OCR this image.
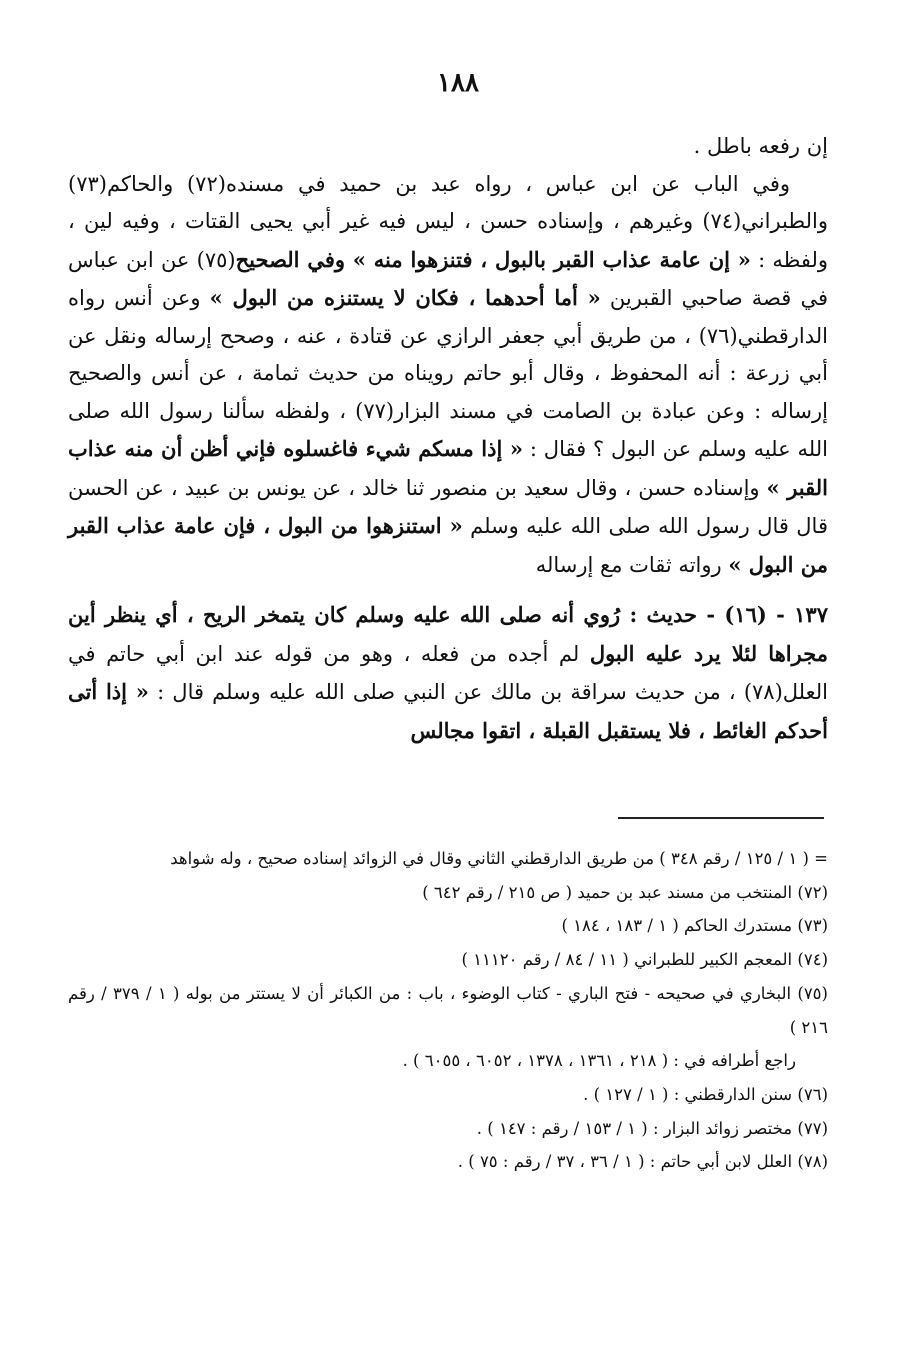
١٨٨

إن رفعه باطل .

وفي الباب عن ابن عباس ، رواه عبد بن حميد في مسنده(٧٢) والحاكم(٧٣) والطبراني(٧٤) وغيرهم ، وإسناده حسن ، ليس فيه غير أبي يحيى القتات ، وفيه لين ، ولفظه : « إن عامة عذاب القبر بالبول ، فتنزهوا منه » وفي الصحيح(٧٥) عن ابن عباس في قصة صاحبي القبرين « أما أحدهما ، فكان لا يستنزه من البول » وعن أنس رواه الدارقطني(٧٦) ، من طريق أبي جعفر الرازي عن قتادة ، عنه ، وصحح إرساله ونقل عن أبي زرعة : أنه المحفوظ ، وقال أبو حاتم رويناه من حديث ثمامة ، عن أنس والصحيح إرساله : وعن عبادة بن الصامت في مسند البزار(٧٧) ، ولفظه سألنا رسول الله صلى الله عليه وسلم عن البول ؟ فقال : « إذا مسكم شيء فاغسلوه فإني أظن أن منه عذاب القبر » وإسناده حسن ، وقال سعيد بن منصور ثنا خالد ، عن يونس بن عبيد ، عن الحسن قال قال رسول الله صلى الله عليه وسلم « استنزهوا من البول ، فإن عامة عذاب القبر من البول » رواته ثقات مع إرساله

١٣٧ - (١٦) - حديث : رُوي أنه صلى الله عليه وسلم كان يتمخر الريح ، أي ينظر أين مجراها لئلا يرد عليه البول لم أجده من فعله ، وهو من قوله عند ابن أبي حاتم في العلل(٧٨) ، من حديث سراقة بن مالك عن النبي صلى الله عليه وسلم قال : « إذا أتى أحدكم الغائط ، فلا يستقبل القبلة ، اتقوا مجالس

= ( ١ / ١٢٥ / رقم ٣٤٨ ) من طريق الدارقطني الثاني وقال في الزوائد إسناده صحيح ، وله شواهد

(٧٢) المنتخب من مسند عبد بن حميد ( ص ٢١٥ / رقم ٦٤٢ )

(٧٣) مستدرك الحاكم ( ١ / ١٨٣ ، ١٨٤ )

(٧٤) المعجم الكبير للطبراني ( ١١ / ٨٤ / رقم ١١١٢٠ )

(٧٥) البخاري في صحيحه - فتح الباري - كتاب الوضوء ، باب : من الكبائر أن لا يستتر من بوله ( ١ / ٣٧٩ / رقم ٢١٦ )

راجع أطرافه في : ( ٢١٨ ، ١٣٦١ ، ١٣٧٨ ، ٦٠٥٢ ، ٦٠٥٥ ) .

(٧٦) سنن الدارقطني : ( ١ / ١٢٧ ) .

(٧٧) مختصر زوائد البزار : ( ١ / ١٥٣ / رقم : ١٤٧ ) .

(٧٨) العلل لابن أبي حاتم : ( ١ / ٣٦ ، ٣٧ / رقم : ٧٥ ) .
